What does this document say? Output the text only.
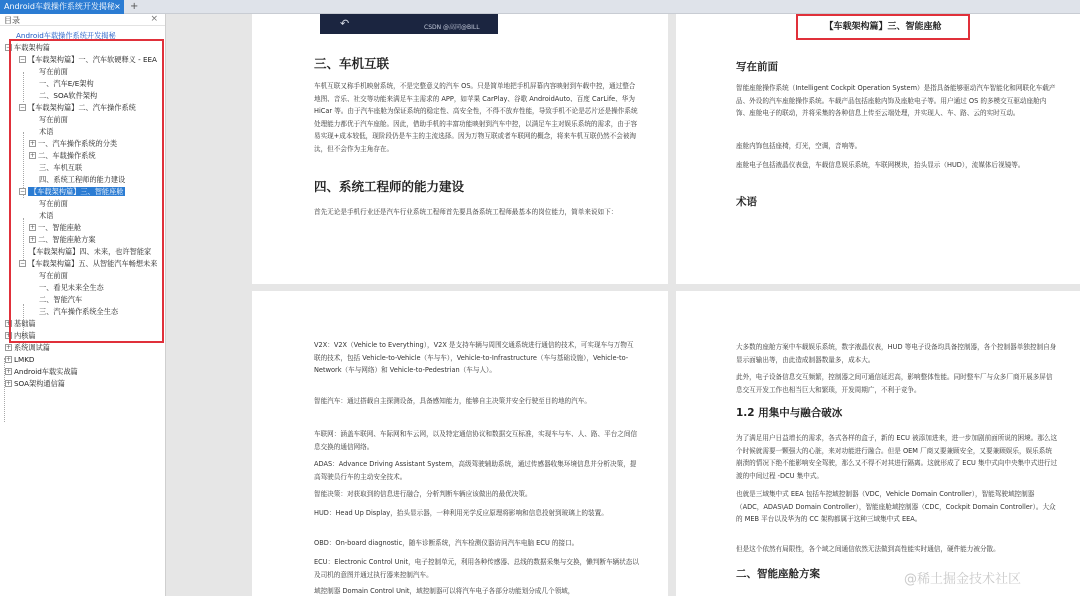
Android车载操作系统开发揭秘 × +
目录	×
Android车载操作系统开发揭秘
− 车载架构篇
− 【车载架构篇】一、汽车软硬释义 - EEA
写在前面
一、汽车E/E架构
二、SOA软件架构
− 【车载架构篇】二、汽车操作系统
写在前面
术语
+ 一、汽车操作系统的分类
+ 二、车载操作系统
三、车机互联
四、系统工程师的能力建设
− 【车载架构篇】三、智能座舱
写在前面
术语
+ 一、智能座舱
+ 二、智能座舱方案
【车载架构篇】四、未来，也许智能家
− 【车载架构篇】五、从智能汽车畅想未来
写在前面
一、看见未来全生态
二、智能汽车
三、汽车操作系统全生态
+ 基础篇
+ 内核篇
+ 系统调试篇
+ LMKD
+ Android车载实战篇
+ SOA架构通信篇
↶	CSDN @高同@BILL
三、车机互联
车机互联又称手机映射系统，不是完整意义的汽车 OS。只是简单地把手机屏幕内容映射到车载中控，通过整合地图、音乐、社交等功能来满足车主需求的 APP，如苹果 CarPlay、谷歌 AndroidAuto、百度 CarLife、华为 HiCar 等。由于汽车座舱为保证系统的稳定性、高安全性，不得不放弃性能，导致手机不论是芯片还是操作系统处理能力都优于汽车座舱。因此，借助手机的丰富功能映射到汽车中控，以满足车主对娱乐系统的需求，由于容易实现+成本较低，现阶段仍是车主的主流选择。因为万物互联或者车联网的概念，将来车机互联仍然不会被淘汰，但不会作为主角存在。
四、系统工程师的能力建设
首先无论是手机行业还是汽车行业系统工程师首先要具备系统工程师最基本的岗位能力，简单来说如下：
【车载架构篇】三、智能座舱
写在前面
智能座舱操作系统（Intelligent Cockpit Operation System）是指具备能够驱动汽车智能化和网联化车载产品、外设的汽车座舱操作系统。车载产品包括座舱内饰及座舱电子等。用户通过 OS 的多模交互驱动座舱内饰、座舱电子的联动，并将采集的各种信息上传至云端处理，并实现人、车、路、云的实时互动。
座舱内饰包括座椅，灯光，空调，音响等。
座舱电子包括液晶仪表盘，车载信息娱乐系统，车联网模块，抬头显示（HUD），流媒体后视镜等。
术语
V2X：V2X（Vehicle to Everything），V2X 是支持车辆与周围交通系统进行通信的技术，可实现车与万物互联的技术，包括 Vehicle-to-Vehicle（车与车），Vehicle-to-Infrastructure（车与基础设施），Vehicle-to-Network（车与网络）和 Vehicle-to-Pedestrian（车与人）。
智能汽车：通过搭载自主探测设备，具备感知能力，能够自主决策并安全行驶至目的地的汽车。
车联网：涵盖车联网、车际网和车云网，以及特定通信协议和数据交互标准，实现车与车、人、路、平台之间信息交换的通信网络。
ADAS：Advance Driving Assistant System，高级驾驶辅助系统，通过传感器收集环境信息并分析决策，提高驾驶员行车的主动安全技术。
智能决策：对获取到的信息进行融合，分析判断车辆应该做出的最优决策。
HUD：Head Up Display，抬头显示器，一种利用光学反应原理将影响和信息投射到玻璃上的装置。
OBD：On-board diagnostic，随车诊断系统，汽车检测仪器访问汽车电脑 ECU 的接口。
ECU：Electronic Control Unit，电子控制单元，利用各种传感器、总线的数据采集与交换，懒判断车辆状态以及司机的意图并通过执行器来控制汽车。
域控制器 Domain Control Unit，域控制器可以将汽车电子各部分功能划分成几个领域，
大多数的座舱方案中车载娱乐系统，数字液晶仪表，HUD 等电子设备均具备控制器，各个控制器单独控制自身显示面输出等，由此造成制器数量多，成本大。
此外，电子设备信息交互频繁，控制器之间可通信延迟高，影响整体性能。同时整车厂与众多厂商开展多屏信息交互开发工作也相当巨大和繁琐，开发周期广，不利于竞争。
1.2 用集中与融合破冰
为了满足用户日益增长的需求，各式各样的盒子，新的 ECU 被添加进来，进一步加剧前面所说的困境。那么这个时候就需要一颗强大的心脏，来对功能进行融合。但是 OEM 厂商又要兼顾安全，又要兼顾娱乐，娱乐系统崩溃的情况下绝不能影响安全驾驶，那么又不得不对其进行隔离。这就形成了 ECU 集中式向中央集中式进行过渡的中间过程 -DCU 集中式。
也就是三域集中式 EEA 包括车控域控制器（VDC，Vehicle Domain Controller），智能驾驶域控制器（ADC，ADAS\AD Domain Controller），智能座舱域控制器（CDC，Cockpit Domain Controller）。大众的 MEB 平台以及华为的 CC 架构都属于这种三域集中式 EEA。
但是这个依然有局限性，各个域之间通信依然无法做到高性能实时通信，硬件能力被分散。
二、智能座舱方案	@稀土掘金技术社区
